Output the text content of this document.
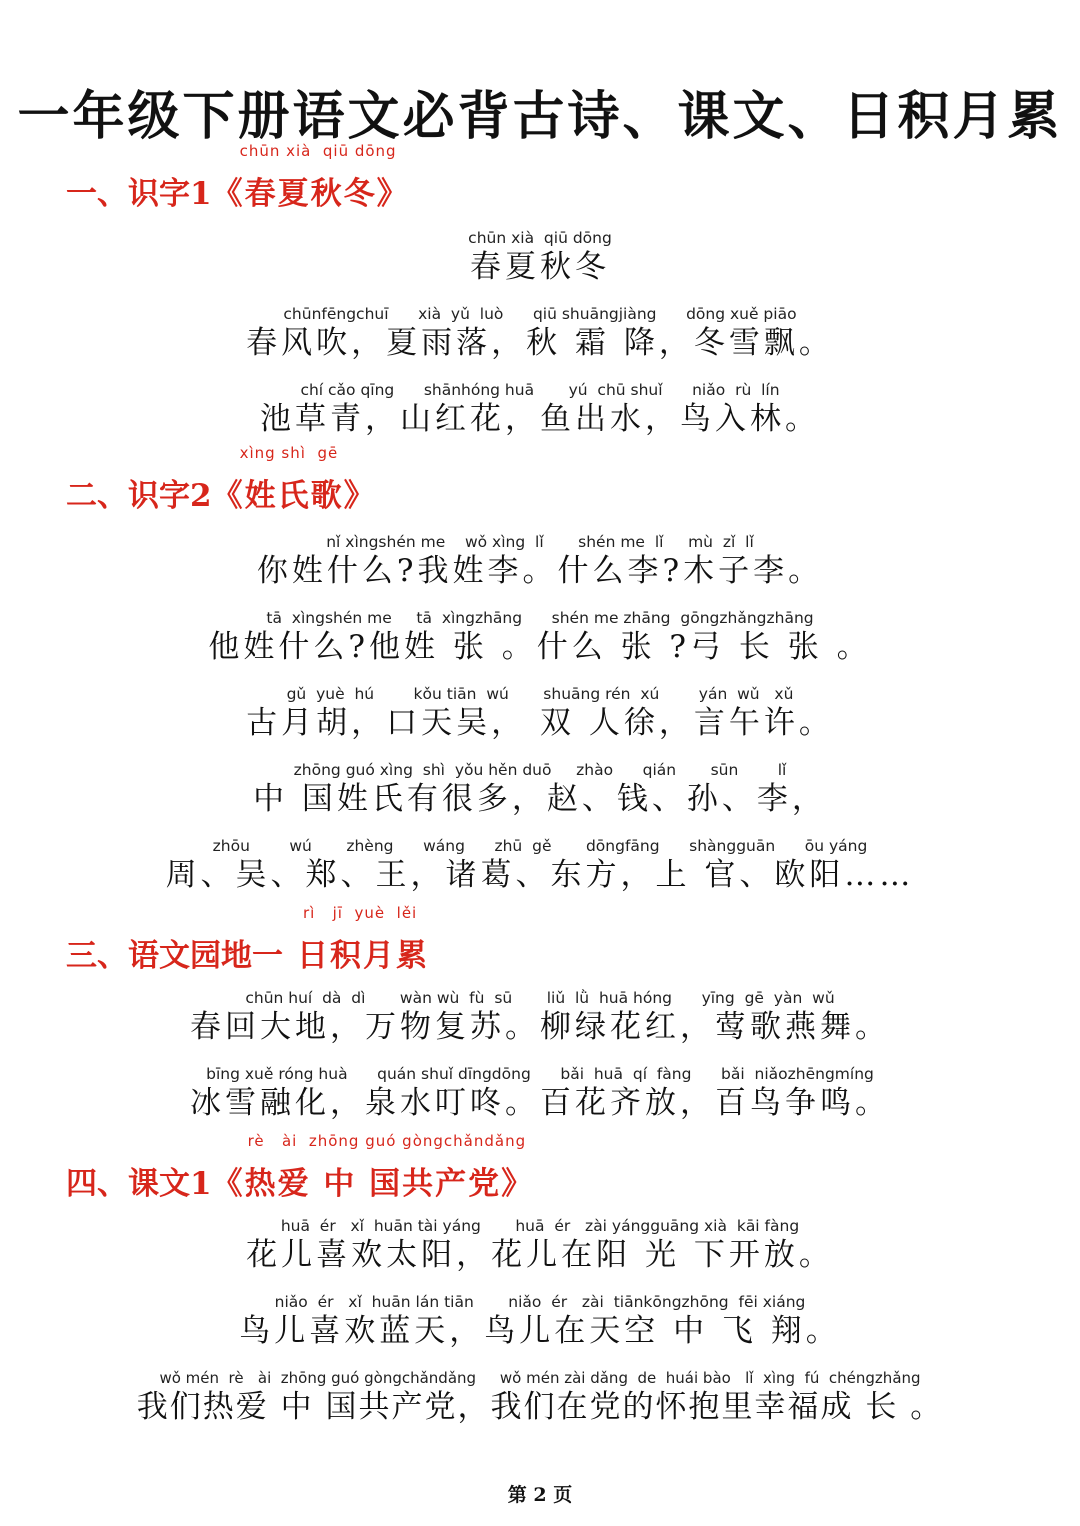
一年级下册语文必背古诗、课文、日积月累
一、识字1
chūn xià  qiū dōng
《春夏秋冬》
chūn xià  qiū dōng
春夏秋冬
chūnfēngchuī      xià  yǔ  luò      qiū shuāngjiàng      dōng xuě piāo
春风吹，夏雨落，秋 霜 降，冬雪飘。
chí cǎo qīng      shānhóng huā       yú  chū shuǐ      niǎo  rù  lín
池草青，山红花，鱼出水，鸟入林。
二、识字2
xìng shì  gē
《姓氏歌》
nǐ xìngshén me    wǒ xìng  lǐ       shén me  lǐ     mù  zǐ  lǐ
你姓什么?我姓李。什么李?木子李。
tā  xìngshén me     tā  xìngzhāng      shén me zhāng  gōngzhǎngzhāng
他姓什么?他姓 张 。什么 张 ?弓 长 张 。
gǔ  yuè  hú        kǒu tiān  wú       shuāng rén  xú        yán  wǔ   xǔ
古月胡，口天吴， 双 人徐，言午许。
zhōng guó xìng  shì  yǒu hěn duō     zhào      qián       sūn        lǐ
中 国姓氏有很多，赵、钱、孙、李，
zhōu        wú       zhèng      wáng      zhū  gě       dōngfāng      shàngguān      ōu yáng
周、吴、郑、王，诸葛、东方，上 官、欧阳……
三、语文园地一
rì   jī  yuè  lěi
日积月累
chūn huí  dà  dì       wàn wù  fù  sū       liǔ  lǜ  huā hóng      yīng  gē  yàn  wǔ
春回大地，万物复苏。柳绿花红，莺歌燕舞。
bīng xuě róng huà      quán shuǐ dīngdōng      bǎi  huā  qí  fàng      bǎi  niǎozhēngmíng
冰雪融化，泉水叮咚。百花齐放，百鸟争鸣。
四、课文1
rè   ài  zhōng guó gòngchǎndǎng
《热爱 中 国共产党》
huā  ér   xǐ  huān tài yáng       huā  ér   zài yángguāng xià  kāi fàng
花儿喜欢太阳，花儿在阳 光 下开放。
niǎo  ér   xǐ  huān lán tiān       niǎo  ér   zài  tiānkōngzhōng  fēi xiáng
鸟儿喜欢蓝天，鸟儿在天空 中 飞 翔。
wǒ mén  rè   ài  zhōng guó gòngchǎndǎng     wǒ mén zài dǎng  de  huái bào   lǐ  xìng  fú  chéngzhǎng
我们热爱 中 国共产党，我们在党的怀抱里幸福成 长 。
第 2 页
